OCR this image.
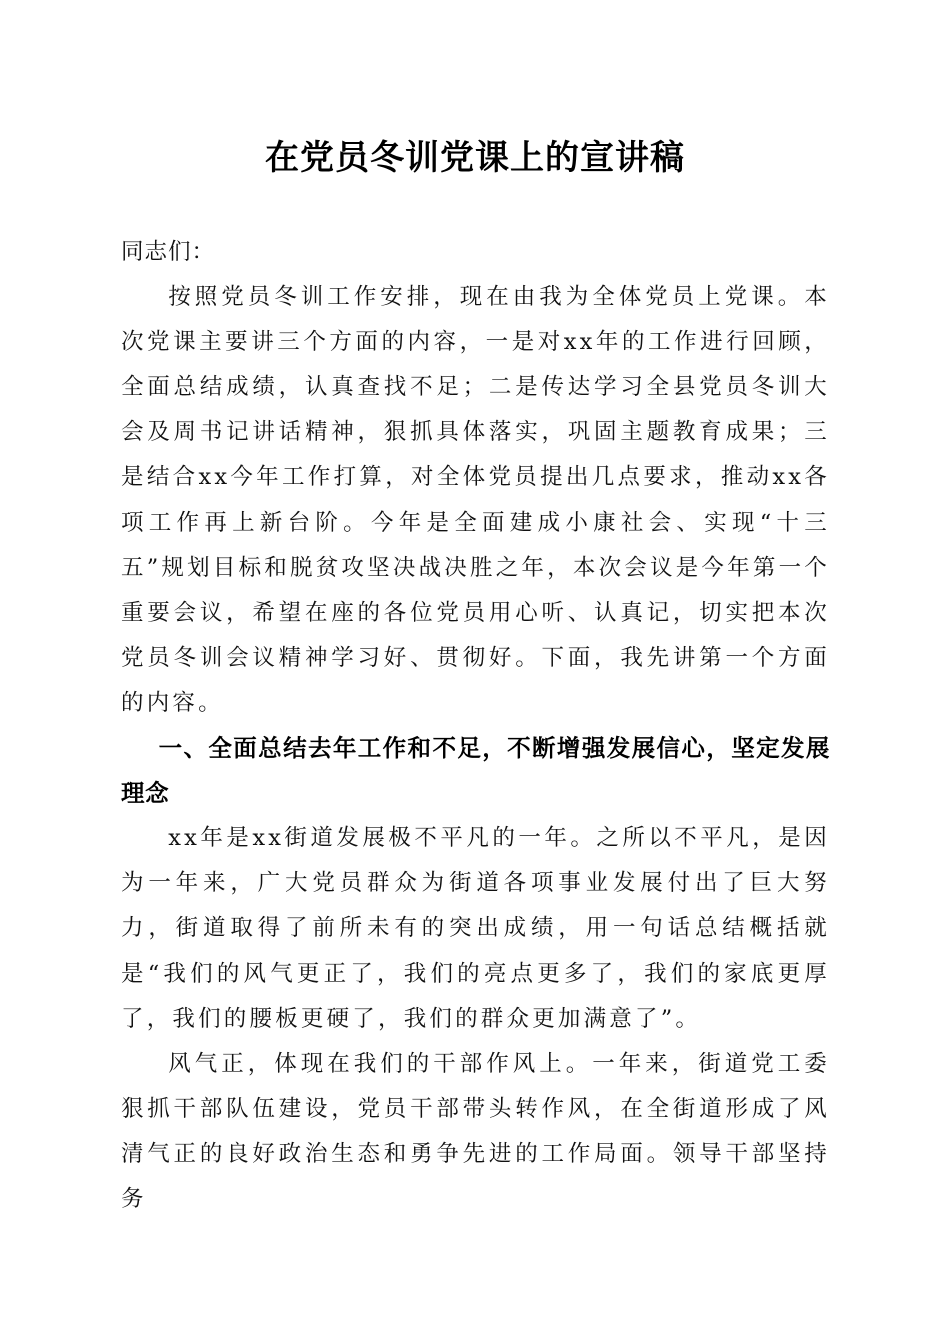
在党员冬训党课上的宣讲稿

同志们：

按照党员冬训工作安排，现在由我为全体党员上党课。本次党课主要讲三个方面的内容，一是对xx年的工作进行回顾，全面总结成绩，认真查找不足；二是传达学习全县党员冬训大会及周书记讲话精神，狠抓具体落实，巩固主题教育成果；三是结合xx今年工作打算，对全体党员提出几点要求，推动xx各项工作再上新台阶。今年是全面建成小康社会、实现“十三五”规划目标和脱贫攻坚决战决胜之年，本次会议是今年第一个重要会议，希望在座的各位党员用心听、认真记，切实把本次党员冬训会议精神学习好、贯彻好。下面，我先讲第一个方面的内容。

一、全面总结去年工作和不足，不断增强发展信心，坚定发展理念

xx年是xx街道发展极不平凡的一年。之所以不平凡，是因为一年来，广大党员群众为街道各项事业发展付出了巨大努力，街道取得了前所未有的突出成绩，用一句话总结概括就是“我们的风气更正了，我们的亮点更多了，我们的家底更厚了，我们的腰板更硬了，我们的群众更加满意了”。

风气正，体现在我们的干部作风上。一年来，街道党工委狠抓干部队伍建设，党员干部带头转作风，在全街道形成了风清气正的良好政治生态和勇争先进的工作局面。领导干部坚持务
